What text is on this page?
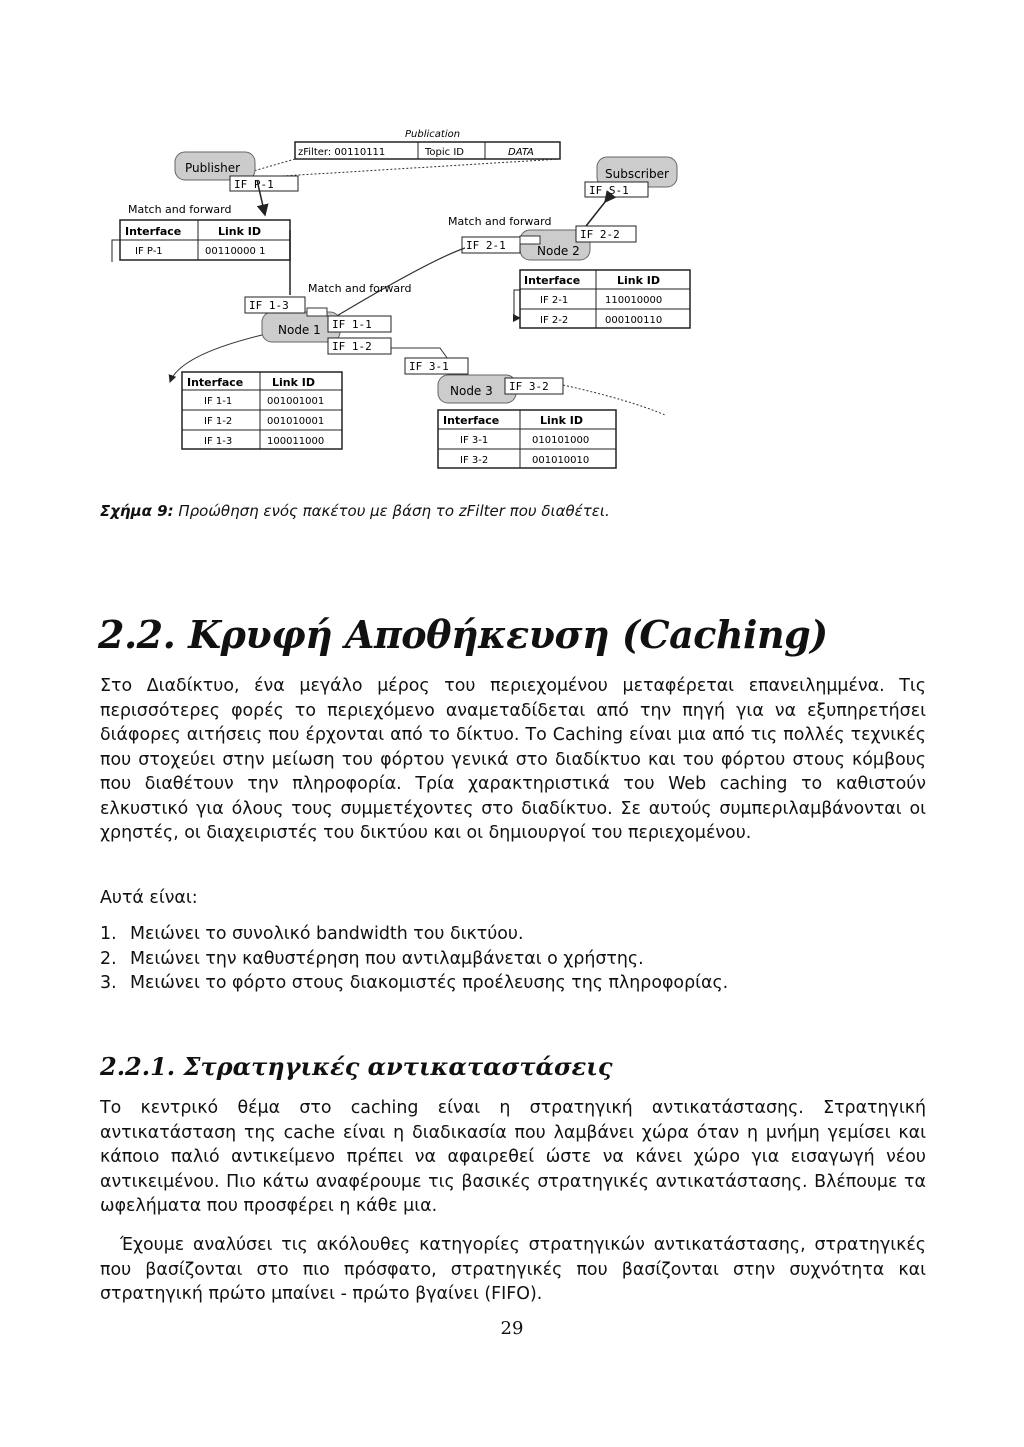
Publication
zFilter: 00110111	Topic ID	DATA
Publisher
IF P-1
Match and forward
Interface	Link ID
IF P-1	00110000 1
Subscriber
IF S-1
Match and forward
Node 2
IF 2-1
IF 2-2
Interface	Link ID
IF 2-1	110010000
IF 2-2	000100110
Match and forward
Node 1
IF 1-3
IF 1-1
IF 1-2
Interface	Link ID
IF 1-1	001001001
IF 1-2	001010001
IF 1-3	100011000
IF 3-1
Node 3 IF 3-2
Interface	Link ID
IF 3-1	010101000
IF 3-2	001010010
Σχήμα 9: Προώθηση ενός πακέτου με βάση το zFilter που διαθέτει.
2.2. Κρυφή Αποθήκευση (Caching)
Στο Διαδίκτυο, ένα μεγάλο μέρος του περιεχομένου μεταφέρεται επανειλημμένα. Τις περισσότερες φορές το περιεχόμενο αναμεταδίδεται από την πηγή για να εξυπηρετήσει διάφορες αιτήσεις που έρχονται από το δίκτυο. Το Caching είναι μια από τις πολλές τεχνικές που στοχεύει στην μείωση του φόρτου γενικά στο διαδίκτυο και του φόρτου στους κόμβους που διαθέτουν την πληροφορία. Τρία χαρακτηριστικά του Web caching το καθιστούν ελκυστικό για όλους τους συμμετέχοντες στο διαδίκτυο. Σε αυτούς συμπεριλαμβάνονται οι χρηστές, οι διαχειριστές του δικτύου και οι δημιουργοί του περιεχομένου.
Αυτά είναι:
1. Μειώνει το συνολικό bandwidth του δικτύου.
2. Μειώνει την καθυστέρηση που αντιλαμβάνεται ο χρήστης.
3. Μειώνει το φόρτο στους διακομιστές προέλευσης της πληροφορίας.
2.2.1. Στρατηγικές αντικαταστάσεις
Το κεντρικό θέμα στο caching είναι η στρατηγική αντικατάστασης. Στρατηγική αντικατάσταση της cache είναι η διαδικασία που λαμβάνει χώρα όταν η μνήμη γεμίσει και κάποιο παλιό αντικείμενο πρέπει να αφαιρεθεί ώστε να κάνει χώρο για εισαγωγή νέου αντικειμένου. Πιο κάτω αναφέρουμε τις βασικές στρατηγικές αντικατάστασης. Βλέπουμε τα ωφελήματα που προσφέρει η κάθε μια.
Έχουμε αναλύσει τις ακόλουθες κατηγορίες στρατηγικών αντικατάστασης, στρατηγικές που βασίζονται στο πιο πρόσφατο, στρατηγικές που βασίζονται στην συχνότητα και στρατηγική πρώτο μπαίνει - πρώτο βγαίνει (FIFO).
29
